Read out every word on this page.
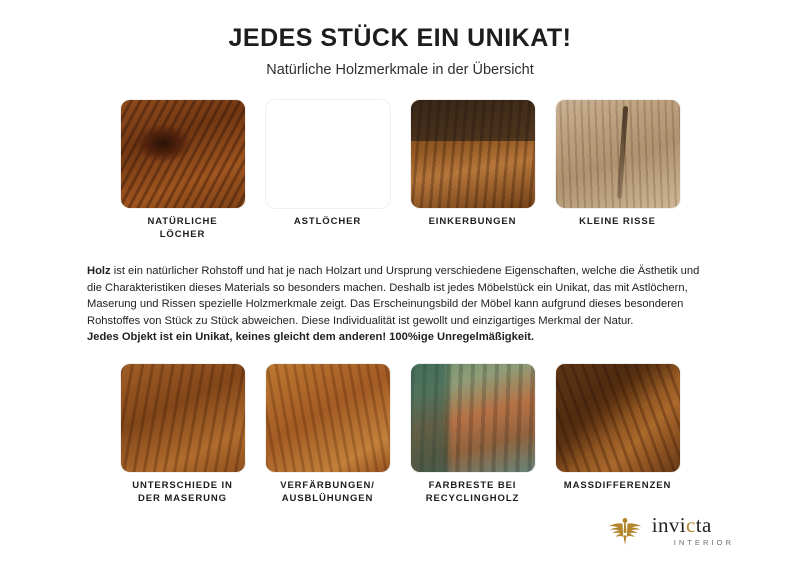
JEDES STÜCK EIN UNIKAT!
Natürliche Holzmerkmale in der Übersicht
NATÜRLICHE
LÖCHER
ASTLÖCHER	EINKERBUNGEN	KLEINE RISSE

Holz ist ein natürlicher Rohstoff und hat je nach Holzart und Ursprung verschiedene Eigenschaften, welche die Ästhetik und die Charakteristiken dieses Materials so besonders machen. Deshalb ist jedes Möbelstück ein Unikat, das mit Astlöchern, Maserung und Rissen spezielle Holzmerkmale zeigt. Das Erscheinungsbild der Möbel kann aufgrund dieses besonderen Rohstoffes von Stück zu Stück abweichen. Diese Individualität ist gewollt und einzigartiges Merkmal der Natur.

Jedes Objekt ist ein Unikat, keines gleicht dem anderen! 100%ige Unregelmäßigkeit.

UNTERSCHIEDE IN
DER MASERUNG
VERFÄRBUNGEN/
AUSBLÜHUNGEN
FARBRESTE BEI
RECYCLINGHOLZ
MASSDIFFERENZEN
invicta
INTERIOR
